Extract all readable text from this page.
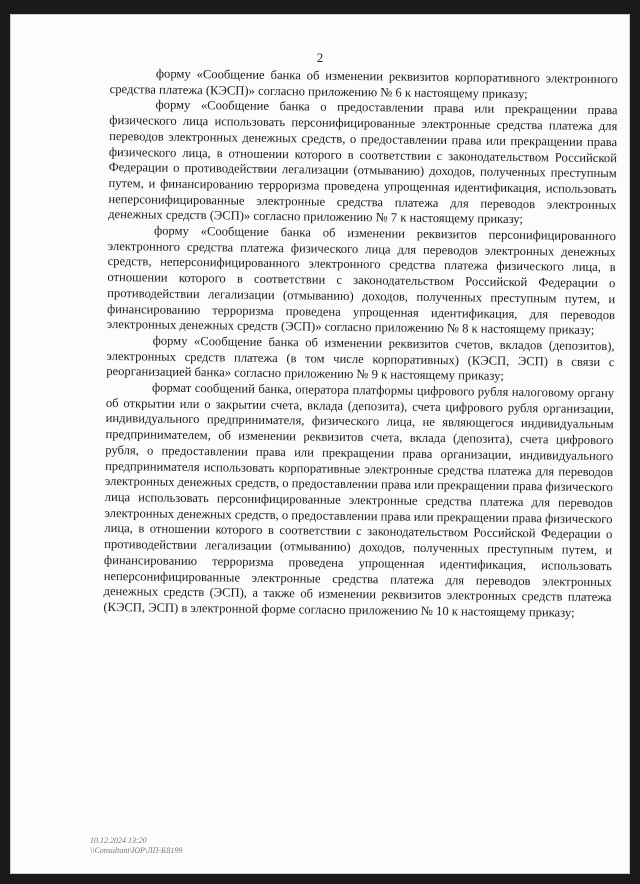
2

форму «Сообщение банка об изменении реквизитов корпоративного электронного средства платежа (КЭСП)» согласно приложению № 6 к настоящему приказу;

форму «Сообщение банка о предоставлении права или прекращении права физического лица использовать персонифицированные электронные средства платежа для переводов электронных денежных средств, о предоставлении права или прекращении права физического лица, в отношении которого в соответствии с законодательством Российской Федерации о противодействии легализации (отмыванию) доходов, полученных преступным путем, и финансированию терроризма проведена упрощенная идентификация, использовать неперсонифицированные электронные средства платежа для переводов электронных денежных средств (ЭСП)» согласно приложению № 7 к настоящему приказу;

форму «Сообщение банка об изменении реквизитов персонифицированного электронного средства платежа физического лица для переводов электронных денежных средств, неперсонифицированного электронного средства платежа физического лица, в отношении которого в соответствии с законодательством Российской Федерации о противодействии легализации (отмыванию) доходов, полученных преступным путем, и финансированию терроризма проведена упрощенная идентификация, для переводов электронных денежных средств (ЭСП)» согласно приложению № 8 к настоящему приказу;

форму «Сообщение банка об изменении реквизитов счетов, вкладов (депозитов), электронных средств платежа (в том числе корпоративных) (КЭСП, ЭСП) в связи с реорганизацией банка» согласно приложению № 9 к настоящему приказу;

формат сообщений банка, оператора платформы цифрового рубля налоговому органу об открытии или о закрытии счета, вклада (депозита), счета цифрового рубля организации, индивидуального предпринимателя, физического лица, не являющегося индивидуальным предпринимателем, об изменении реквизитов счета, вклада (депозита), счета цифрового рубля, о предоставлении права или прекращении права организации, индивидуального предпринимателя использовать корпоративные электронные средства платежа для переводов электронных денежных средств, о предоставлении права или прекращении права физического лица использовать персонифицированные электронные средства платежа для переводов электронных денежных средств, о предоставлении права или прекращении права физического лица, в отношении которого в соответствии с законодательством Российской Федерации о противодействии легализации (отмыванию) доходов, полученных преступным путем, и финансированию терроризма проведена упрощенная идентификация, использовать неперсонифицированные электронные средства платежа для переводов электронных денежных средств (ЭСП), а также об изменении реквизитов электронных средств платежа (КЭСП, ЭСП) в электронной форме согласно приложению № 10 к настоящему приказу;

10.12.2024 13:20
\\Consultant\ЮР\ЛП-К8199
